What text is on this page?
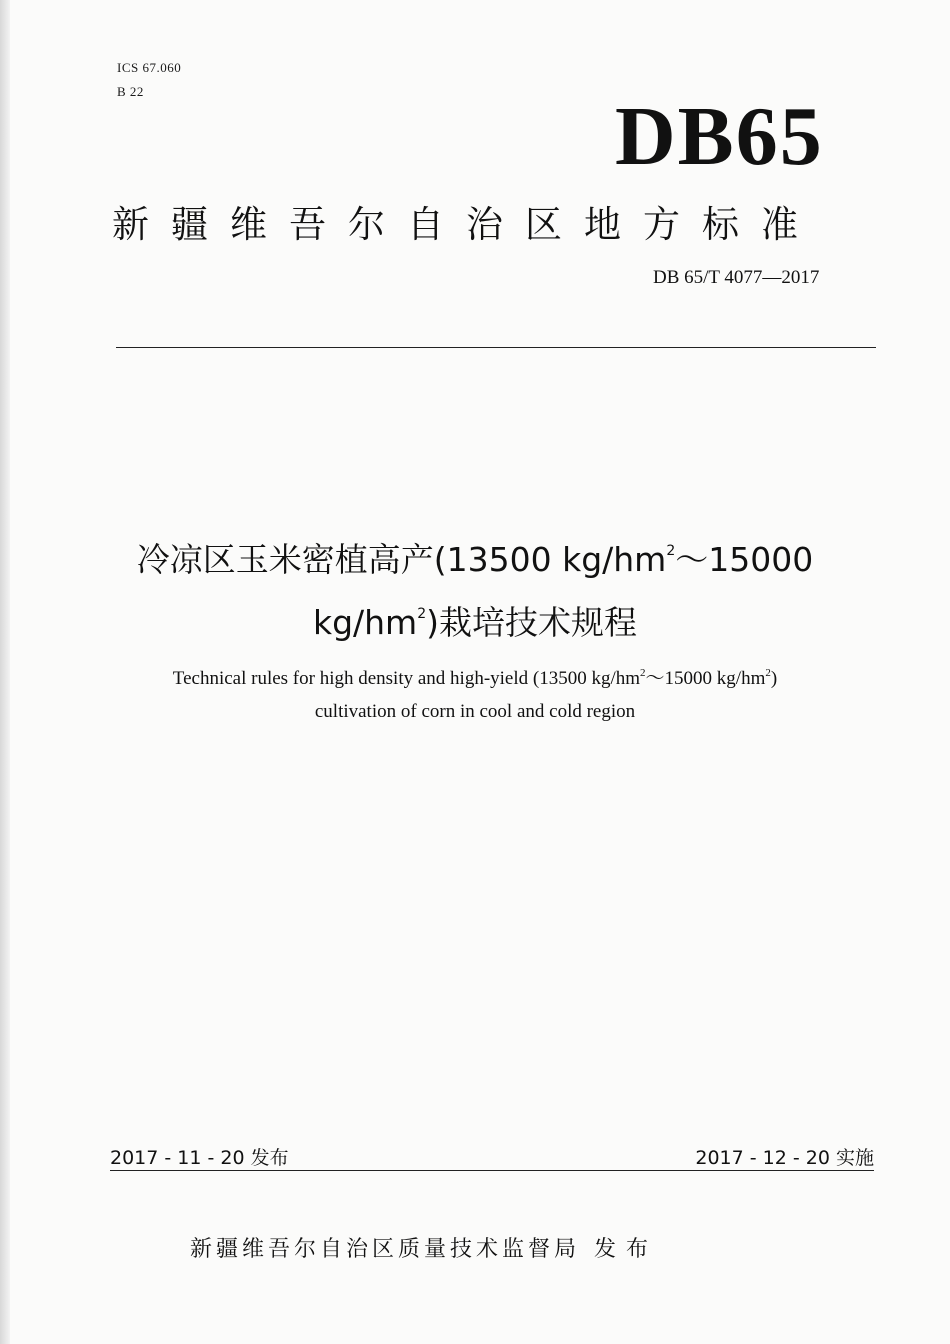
ICS 67.060
B 22	DB65
新疆维吾尔自治区地方标准
DB 65/T 4077—2017
冷凉区玉米密植高产(13500 $kg/hm^2\sim 15000$
$kg/hm^2$)栽培技术规程
Technical rules for high density and high-yield (13500 $kg/hm^2\sim 15000$ $kg/hm^2$)
cultivation of corn in cool and cold region
2017 - 11 - 20 发布	2017 - 12 - 20 实施
新疆维吾尔自治区质量技术监督局 发布
